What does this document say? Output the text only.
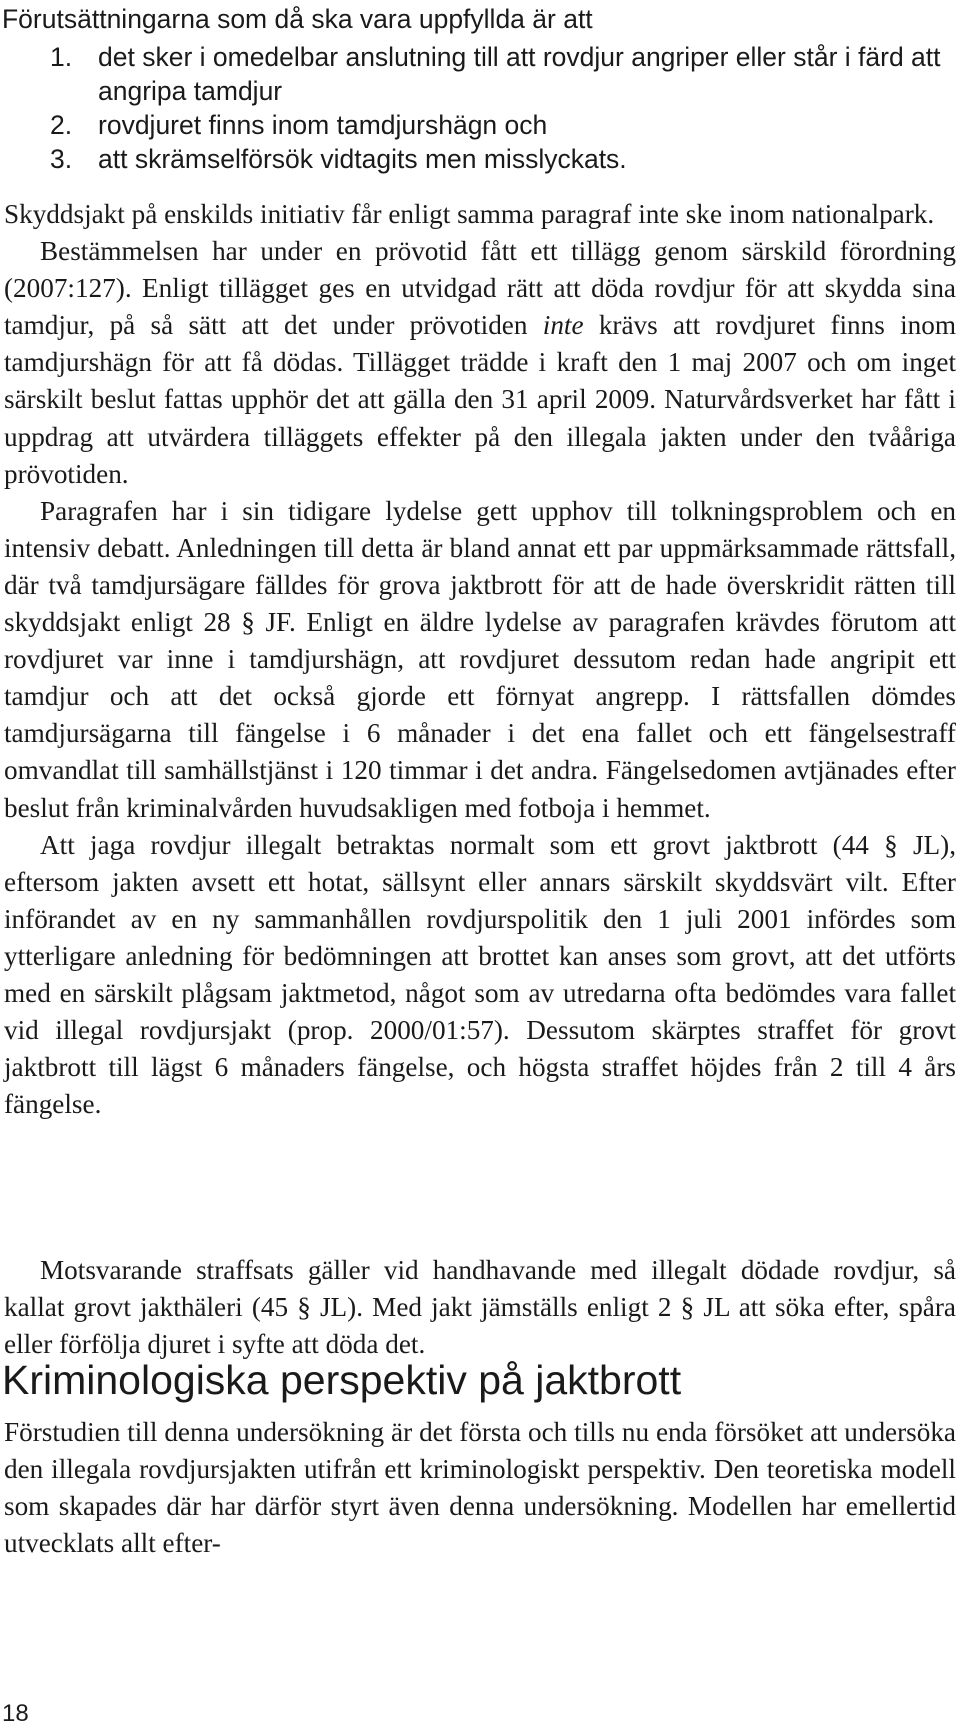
Förutsättningarna som då ska vara uppfyllda är att

1. det sker i omedelbar anslutning till att rovdjur angriper eller står i färd att angripa tamdjur
2. rovdjuret finns inom tamdjurshägn och
3. att skrämselförsök vidtagits men misslyckats.

Skyddsjakt på enskilds initiativ får enligt samma paragraf inte ske inom nationalpark.

Bestämmelsen har under en prövotid fått ett tillägg genom särskild förordning (2007:127). Enligt tillägget ges en utvidgad rätt att döda rovdjur för att skydda sina tamdjur, på så sätt att det under prövotiden inte krävs att rovdjuret finns inom tamdjurshägn för att få dödas. Tillägget trädde i kraft den 1 maj 2007 och om inget särskilt beslut fattas upphör det att gälla den 31 april 2009. Naturvårdsverket har fått i uppdrag att utvärdera tilläggets effekter på den illegala jakten under den tvååriga prövotiden.

Paragrafen har i sin tidigare lydelse gett upphov till tolkningsproblem och en intensiv debatt. Anledningen till detta är bland annat ett par uppmärksammade rättsfall, där två tamdjursägare fälldes för grova jaktbrott för att de hade överskridit rätten till skyddsjakt enligt 28 § JF. Enligt en äldre lydelse av paragrafen krävdes förutom att rovdjuret var inne i tamdjurshägn, att rovdjuret dessutom redan hade angripit ett tamdjur och att det också gjorde ett förnyat angrepp. I rättsfallen dömdes tamdjursägarna till fängelse i 6 månader i det ena fallet och ett fängelsestraff omvandlat till samhällstjänst i 120 timmar i det andra. Fängelsedomen avtjänades efter beslut från kriminalvården huvudsakligen med fotboja i hemmet.

Att jaga rovdjur illegalt betraktas normalt som ett grovt jaktbrott (44 § JL), eftersom jakten avsett ett hotat, sällsynt eller annars särskilt skyddsvärt vilt. Efter införandet av en ny sammanhållen rovdjurspolitik den 1 juli 2001 infördes som ytterligare anledning för bedömningen att brottet kan anses som grovt, att det utförts med en särskilt plågsam jaktmetod, något som av utredarna ofta bedömdes vara fallet vid illegal rovdjursjakt (prop. 2000/01:57). Dessutom skärptes straffet för grovt jaktbrott till lägst 6 månaders fängelse, och högsta straffet höjdes från 2 till 4 års fängelse.

Motsvarande straffsats gäller vid handhavande med illegalt dödade rovdjur, så kallat grovt jakthäleri (45 § JL). Med jakt jämställs enligt 2 § JL att söka efter, spåra eller förfölja djuret i syfte att döda det.

Kriminologiska perspektiv på jaktbrott

Förstudien till denna undersökning är det första och tills nu enda försöket att undersöka den illegala rovdjursjakten utifrån ett kriminologiskt perspektiv. Den teoretiska modell som skapades där har därför styrt även denna undersökning. Modellen har emellertid utvecklats allt efter-

18
